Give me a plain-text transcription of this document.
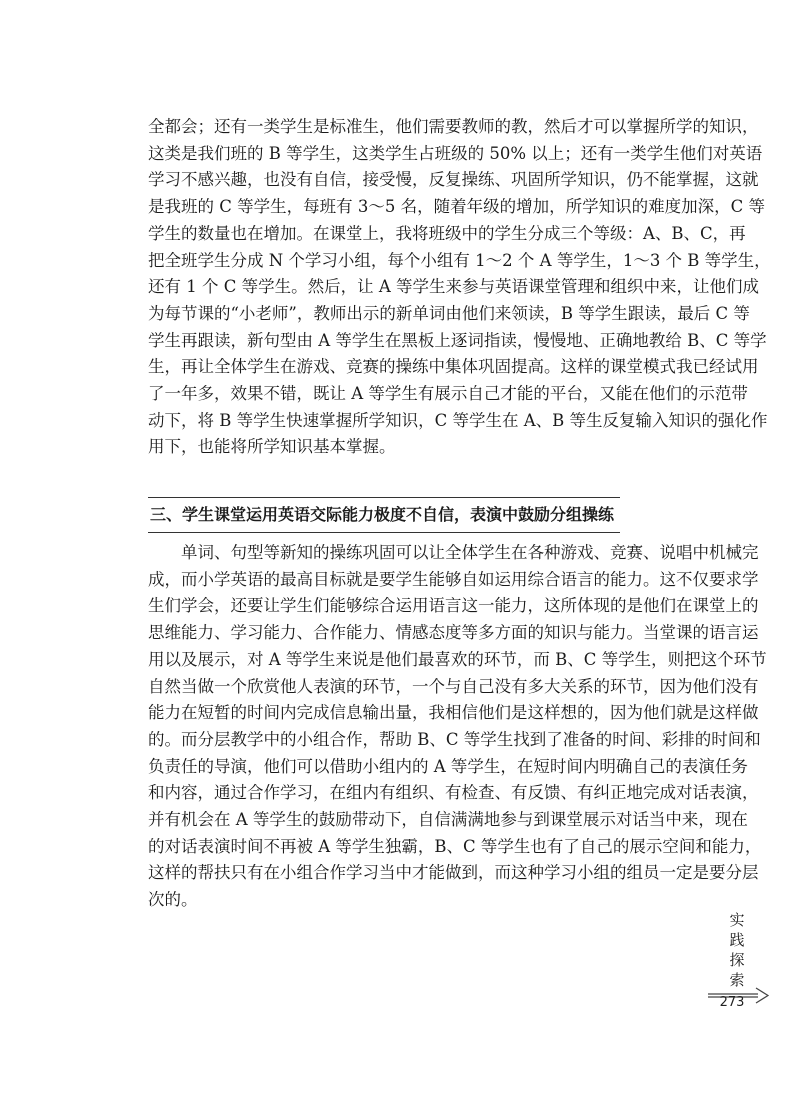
全都会；还有一类学生是标准生，他们需要教师的教，然后才可以掌握所学的知识，
这类是我们班的 B 等学生，这类学生占班级的 50% 以上；还有一类学生他们对英语
学习不感兴趣，也没有自信，接受慢，反复操练、巩固所学知识，仍不能掌握，这就
是我班的 C 等学生，每班有 3～5 名，随着年级的增加，所学知识的难度加深，C 等
学生的数量也在增加。在课堂上，我将班级中的学生分成三个等级：A、B、C，再
把全班学生分成 N 个学习小组，每个小组有 1～2 个 A 等学生，1～3 个 B 等学生，
还有 1 个 C 等学生。然后，让 A 等学生来参与英语课堂管理和组织中来，让他们成
为每节课的“小老师”，教师出示的新单词由他们来领读，B 等学生跟读，最后 C 等
学生再跟读，新句型由 A 等学生在黑板上逐词指读，慢慢地、正确地教给 B、C 等学
生，再让全体学生在游戏、竞赛的操练中集体巩固提高。这样的课堂模式我已经试用
了一年多，效果不错，既让 A 等学生有展示自己才能的平台，又能在他们的示范带
动下，将 B 等学生快速掌握所学知识，C 等学生在 A、B 等生反复输入知识的强化作
用下，也能将所学知识基本掌握。
三、学生课堂运用英语交际能力极度不自信，表演中鼓励分组操练
　　单词、句型等新知的操练巩固可以让全体学生在各种游戏、竞赛、说唱中机械完
成，而小学英语的最高目标就是要学生能够自如运用综合语言的能力。这不仅要求学
生们学会，还要让学生们能够综合运用语言这一能力，这所体现的是他们在课堂上的
思维能力、学习能力、合作能力、情感态度等多方面的知识与能力。当堂课的语言运
用以及展示，对 A 等学生来说是他们最喜欢的环节，而 B、C 等学生，则把这个环节
自然当做一个欣赏他人表演的环节，一个与自己没有多大关系的环节，因为他们没有
能力在短暂的时间内完成信息输出量，我相信他们是这样想的，因为他们就是这样做
的。而分层教学中的小组合作，帮助 B、C 等学生找到了准备的时间、彩排的时间和
负责任的导演，他们可以借助小组内的 A 等学生，在短时间内明确自己的表演任务
和内容，通过合作学习，在组内有组织、有检查、有反馈、有纠正地完成对话表演，
并有机会在 A 等学生的鼓励带动下，自信满满地参与到课堂展示对话当中来，现在
的对话表演时间不再被 A 等学生独霸，B、C 等学生也有了自己的展示空间和能力，
这样的帮扶只有在小组合作学习当中才能做到，而这种学习小组的组员一定是要分层
次的。
实
践
探
索
273
